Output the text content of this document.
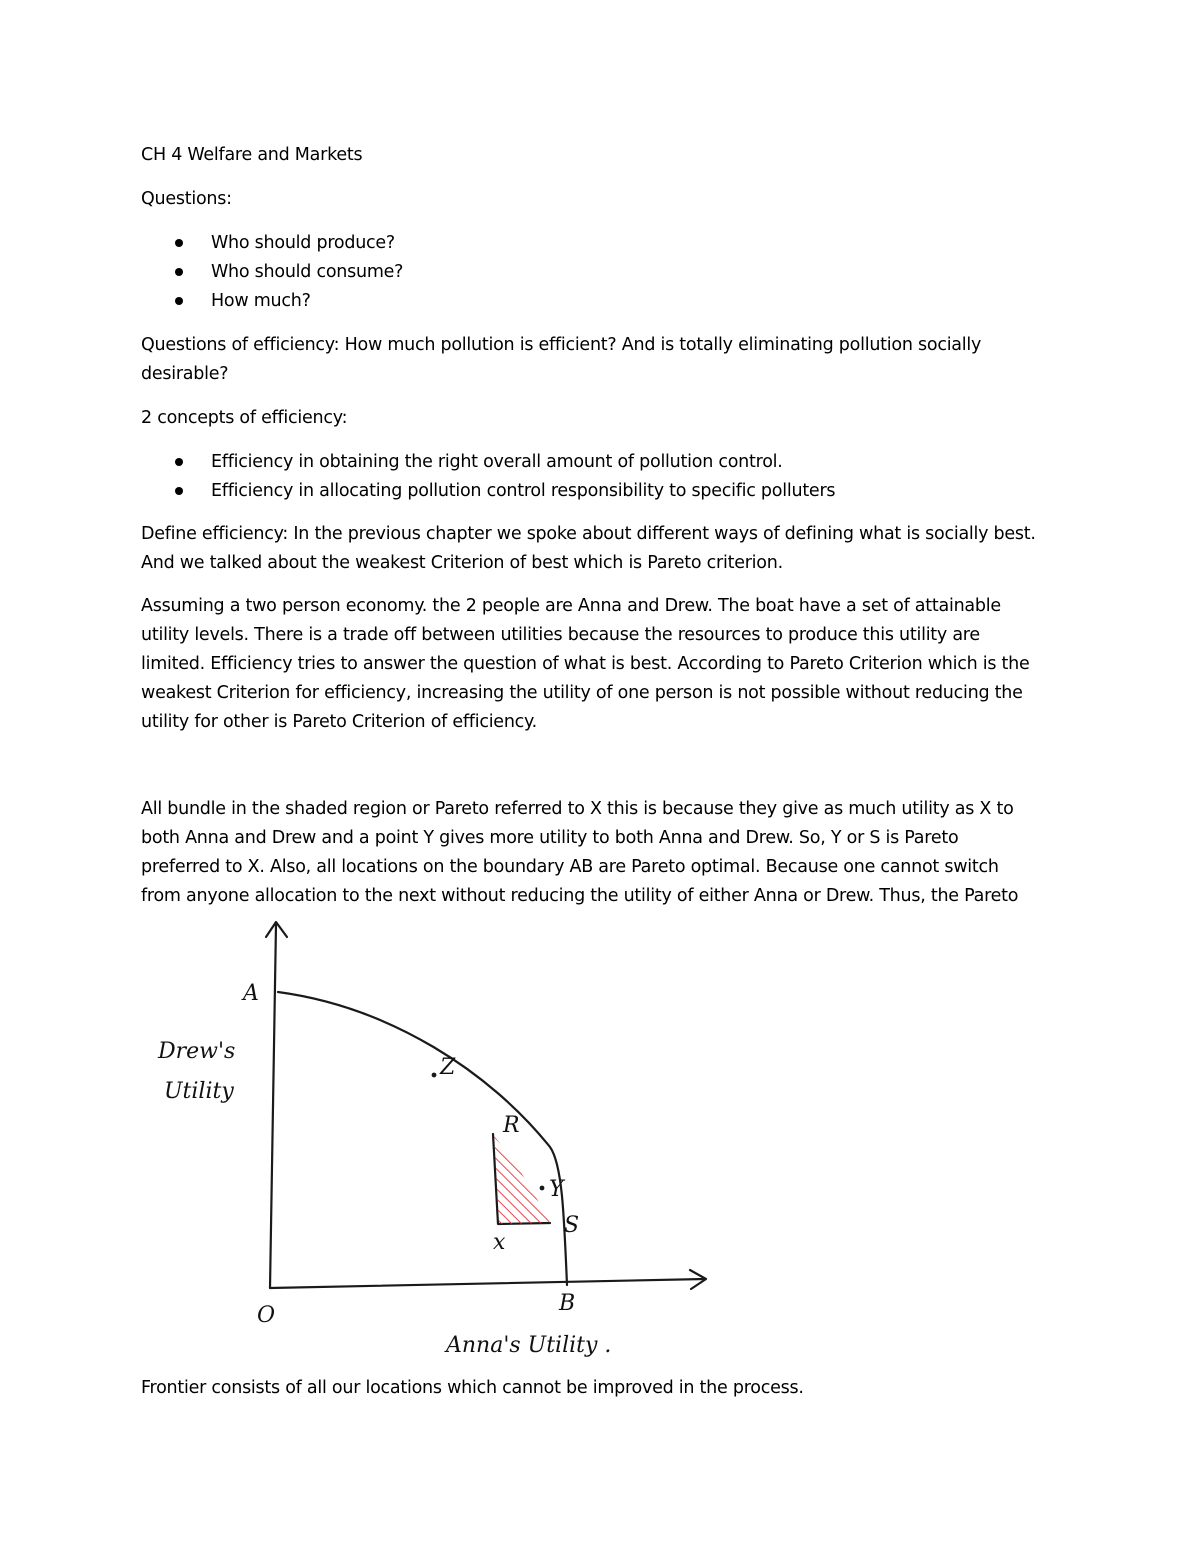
CH 4 Welfare and Markets

Questions:

Who should produce?
Who should consume?
How much?

Questions of efficiency: How much pollution is efficient? And is totally eliminating pollution socially

desirable?

2 concepts of efficiency:

Efficiency in obtaining the right overall amount of pollution control.
Efficiency in allocating pollution control responsibility to specific polluters

Define efficiency: In the previous chapter we spoke about different ways of defining what is socially best.

And we talked about the weakest Criterion of best which is Pareto criterion.

Assuming a two person economy. the 2 people are Anna and Drew. The boat have a set of attainable

utility levels. There is a trade off between utilities because the resources to produce this utility are

limited. Efficiency tries to answer the question of what is best. According to Pareto Criterion which is the

weakest Criterion for efficiency, increasing the utility of one person is not possible without reducing the

utility for other is Pareto Criterion of efficiency.

All bundle in the shaded region or Pareto referred to X this is because they give as much utility as X to

both Anna and Drew and a point Y gives more utility to both Anna and Drew. So, Y or S is Pareto

preferred to X. Also, all locations on the boundary AB are Pareto optimal. Because one cannot switch

from anyone allocation to the next without reducing the utility of either Anna or Drew. Thus, the Pareto

A
Z
R
Y
S
x
O	B
Drew's
Utility
Anna's Utility .

Frontier consists of all our locations which cannot be improved in the process.
